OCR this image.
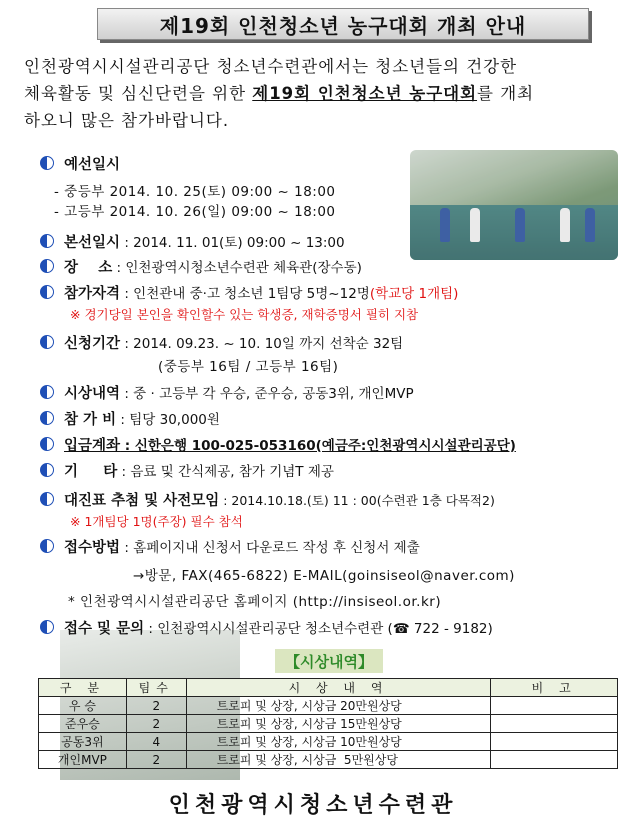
제19회 인천청소년 농구대회 개최 안내
인천광역시시설관리공단 청소년수련관에서는 청소년들의 건강한
체육활동 및 심신단련을 위한 제19회 인천청소년 농구대회를 개최
하오니 많은 참가바랍니다.
예선일시
- 중등부 2014. 10. 25(토) 09:00 ~ 18:00
- 고등부 2014. 10. 26(일) 09:00 ~ 18:00
본선일시 : 2014. 11. 01(토) 09:00 ~ 13:00
장    소 : 인천광역시청소년수련관 체육관(장수동)
참가자격 : 인천관내 중·고 청소년 1팀당 5명~12명(학교당 1개팀)
※ 경기당일 본인을 확인할수 있는 학생증, 재학증명서 필히 지참
신청기간 : 2014. 09.23. ~ 10. 10일 까지 선착순 32팀
(중등부 16팀 / 고등부 16팀)
시상내역 : 중 · 고등부 각 우승, 준우승, 공동3위, 개인MVP
참 가 비 : 팀당 30,000원
입금계좌 : 신한은행 100-025-053160(예금주:인천광역시시설관리공단)
기     타 : 음료 및 간식제공, 참가 기념T 제공
대진표 추첨 및 사전모임 : 2014.10.18.(토) 11 : 00(수련관 1층 다목적2)
※ 1개팀당 1명(주장) 필수 참석
접수방법 : 홈페이지내 신청서 다운로드 작성 후 신청서 제출
→방문, FAX(465-6822) E-MAIL(goinsiseol@naver.com)
* 인천광역시시설관리공단 홈페이지 (http://insiseol.or.kr)
접수 및 문의 : 인천광역시시설관리공단 청소년수련관 (☎ 722 - 9182)
【시상내역】
구 분	팀수	시 상 내 역	비 고
우 승	2	트로피 및 상장, 시상금 20만원상당	
준우승	2	트로피 및 상장, 시상금 15만원상당	
공동3위	4	트로피 및 상장, 시상금 10만원상당	
개인MVP	2	트로피 및 상장, 시상금  5만원상당	
인천광역시청소년수련관
